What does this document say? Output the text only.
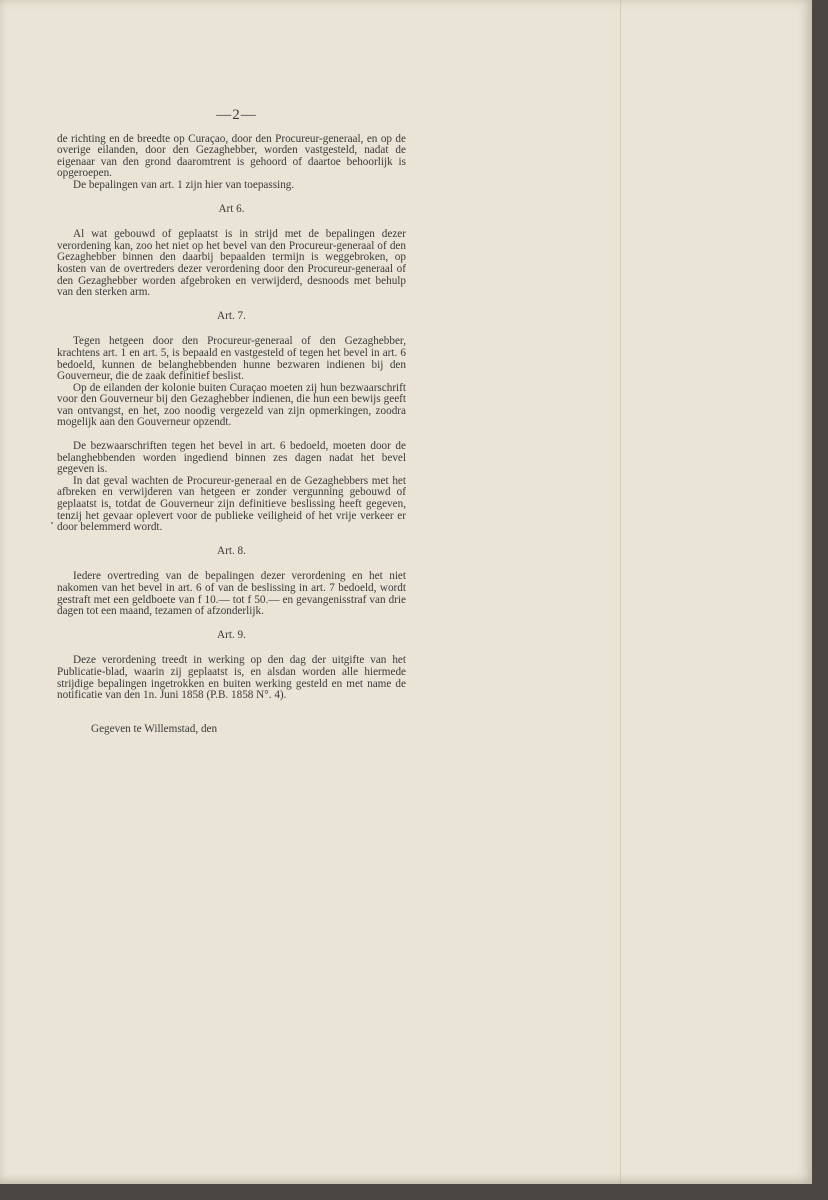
—2—

de richting en de breedte op Curaçao, door den Procureur-generaal, en op de overige eilanden, door den Gezaghebber, worden vastgesteld, nadat de eigenaar van den grond daaromtrent is gehoord of daartoe behoorlijk is opgeroepen.

De bepalingen van art. 1 zijn hier van toepassing.

Art 6.

Al wat gebouwd of geplaatst is in strijd met de bepalingen dezer verordening kan, zoo het niet op het bevel van den Procureur-generaal of den Gezaghebber binnen den daarbij bepaalden termijn is weggebroken, op kosten van de overtreders dezer verordening door den Procureur-generaal of den Gezaghebber worden afgebroken en verwijderd, desnoods met behulp van den sterken arm.

Art. 7.

Tegen hetgeen door den Procureur-generaal of den Gezaghebber, krachtens art. 1 en art. 5, is bepaald en vastgesteld of tegen het bevel in art. 6 bedoeld, kunnen de belanghebbenden hunne bezwaren indienen bij den Gouverneur, die de zaak definitief beslist.

Op de eilanden der kolonie buiten Curaçao moeten zij hun bezwaarschrift voor den Gouverneur bij den Gezaghebber indienen, die hun een bewijs geeft van ontvangst, en het, zoo noodig vergezeld van zijn opmerkingen, zoodra mogelijk aan den Gouverneur opzendt.

De bezwaarschriften tegen het bevel in art. 6 bedoeld, moeten door de belanghebbenden worden ingediend binnen zes dagen nadat het bevel gegeven is.

In dat geval wachten de Procureur-generaal en de Gezaghebbers met het afbreken en verwijderen van hetgeen er zonder vergunning gebouwd of geplaatst is, totdat de Gouverneur zijn definitieve beslissing heeft gegeven, tenzij het gevaar oplevert voor de publieke veiligheid of het vrije verkeer er door belemmerd wordt.

Art. 8.

Iedere overtreding van de bepalingen dezer verordening en het niet nakomen van het bevel in art. 6 of van de beslissing in art. 7 bedoeld, wordt gestraft met een geldboete van f 10.— tot f 50.— en gevangenisstraf van drie dagen tot een maand, tezamen of afzonderlijk.

Art. 9.

Deze verordening treedt in werking op den dag der uitgifte van het Publicatie-blad, waarin zij geplaatst is, en alsdan worden alle hiermede strijdige bepalingen ingetrokken en buiten werking gesteld en met name de notificatie van den 1n. Juni 1858 (P.B. 1858 N°. 4).

Gegeven te Willemstad, den
